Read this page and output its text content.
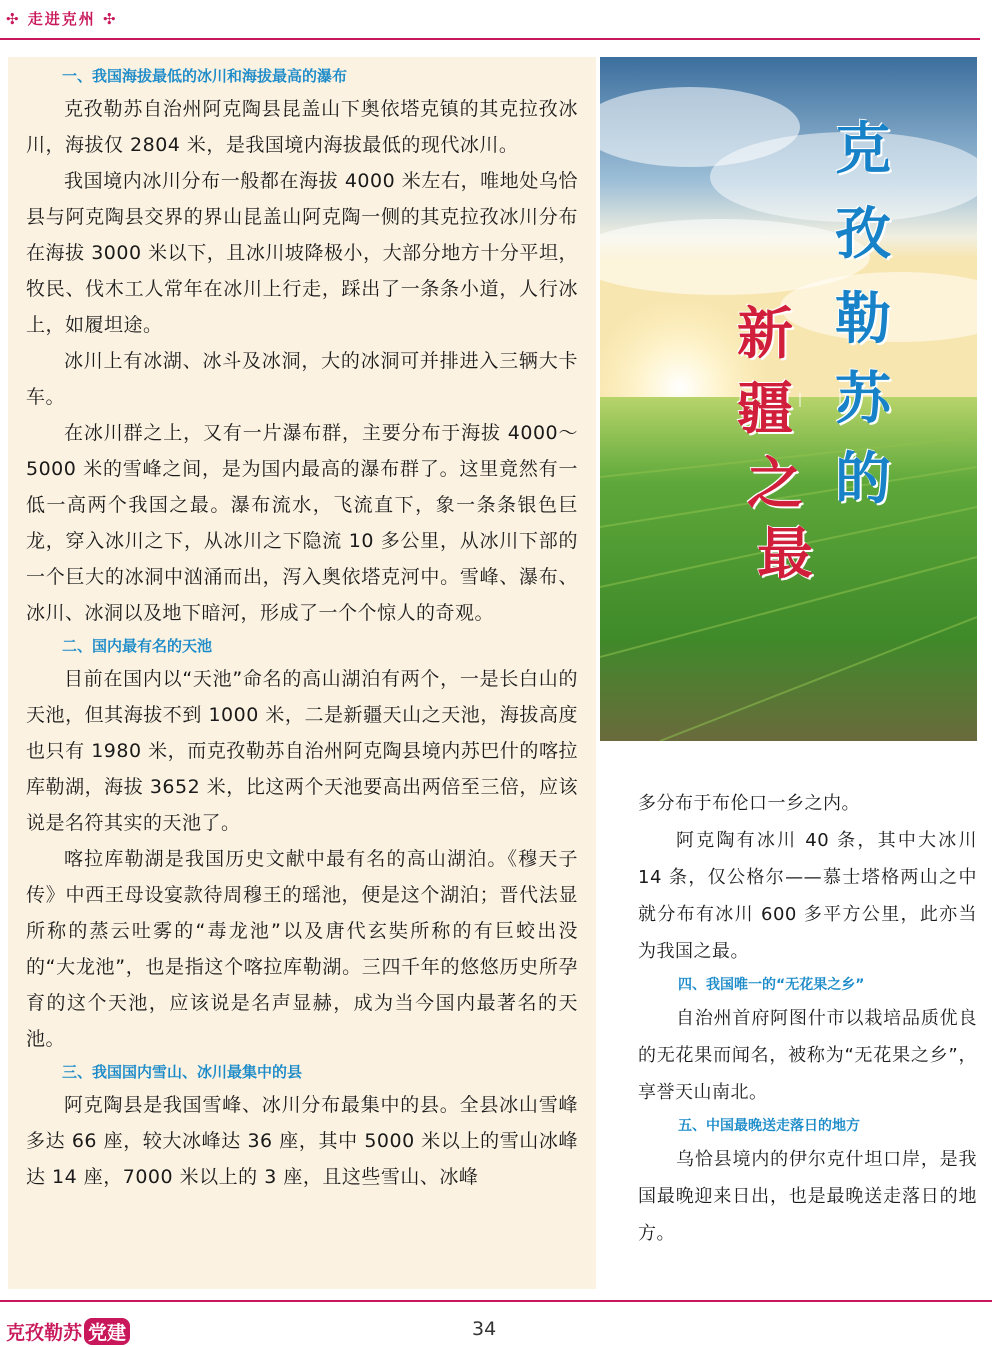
✣ 走进克州 ✣

一、我国海拔最低的冰川和海拔最高的瀑布

克孜勒苏自治州阿克陶县昆盖山下奥依塔克镇的其克拉孜冰川，海拔仅 2804 米，是我国境内海拔最低的现代冰川。

我国境内冰川分布一般都在海拔 4000 米左右，唯地处乌恰县与阿克陶县交界的界山昆盖山阿克陶一侧的其克拉孜冰川分布在海拔 3000 米以下，且冰川坡降极小，大部分地方十分平坦，牧民、伐木工人常年在冰川上行走，踩出了一条条小道，人行冰上，如履坦途。

冰川上有冰湖、冰斗及冰洞，大的冰洞可并排进入三辆大卡车。

在冰川群之上，又有一片瀑布群，主要分布于海拔 4000～5000 米的雪峰之间，是为国内最高的瀑布群了。这里竟然有一低一高两个我国之最。瀑布流水，飞流直下，象一条条银色巨龙，穿入冰川之下，从冰川之下隐流 10 多公里，从冰川下部的一个巨大的冰洞中汹涌而出，泻入奥依塔克河中。雪峰、瀑布、冰川、冰洞以及地下暗河，形成了一个个惊人的奇观。

二、国内最有名的天池

目前在国内以“天池”命名的高山湖泊有两个，一是长白山的天池，但其海拔不到 1000 米，二是新疆天山之天池，海拔高度也只有 1980 米，而克孜勒苏自治州阿克陶县境内苏巴什的喀拉库勒湖，海拔 3652 米，比这两个天池要高出两倍至三倍，应该说是名符其实的天池了。

喀拉库勒湖是我国历史文献中最有名的高山湖泊。《穆天子传》中西王母设宴款待周穆王的瑶池，便是这个湖泊；晋代法显所称的蒸云吐雾的“毒龙池”以及唐代玄奘所称的有巨蛟出没的“大龙池”，也是指这个喀拉库勒湖。三四千年的悠悠历史所孕育的这个天池，应该说是名声显赫，成为当今国内最著名的天池。

三、我国国内雪山、冰川最集中的县

阿克陶县是我国雪峰、冰川分布最集中的县。全县冰山雪峰多达 66 座，较大冰峰达 36 座，其中 5000 米以上的雪山冰峰达 14 座，7000 米以上的 3 座，且这些雪山、冰峰

克
孜
勒
苏
的
新
疆
之
最

多分布于布伦口一乡之内。

阿克陶有冰川 40 条，其中大冰川 14 条，仅公格尔——慕士塔格两山之中就分布有冰川 600 多平方公里，此亦当为我国之最。

四、我国唯一的“无花果之乡”

自治州首府阿图什市以栽培品质优良的无花果而闻名，被称为“无花果之乡”，享誉天山南北。

五、中国最晚送走落日的地方

乌恰县境内的伊尔克什坦口岸，是我国最晚迎来日出，也是最晚送走落日的地方。

克孜勒苏 党建	34
